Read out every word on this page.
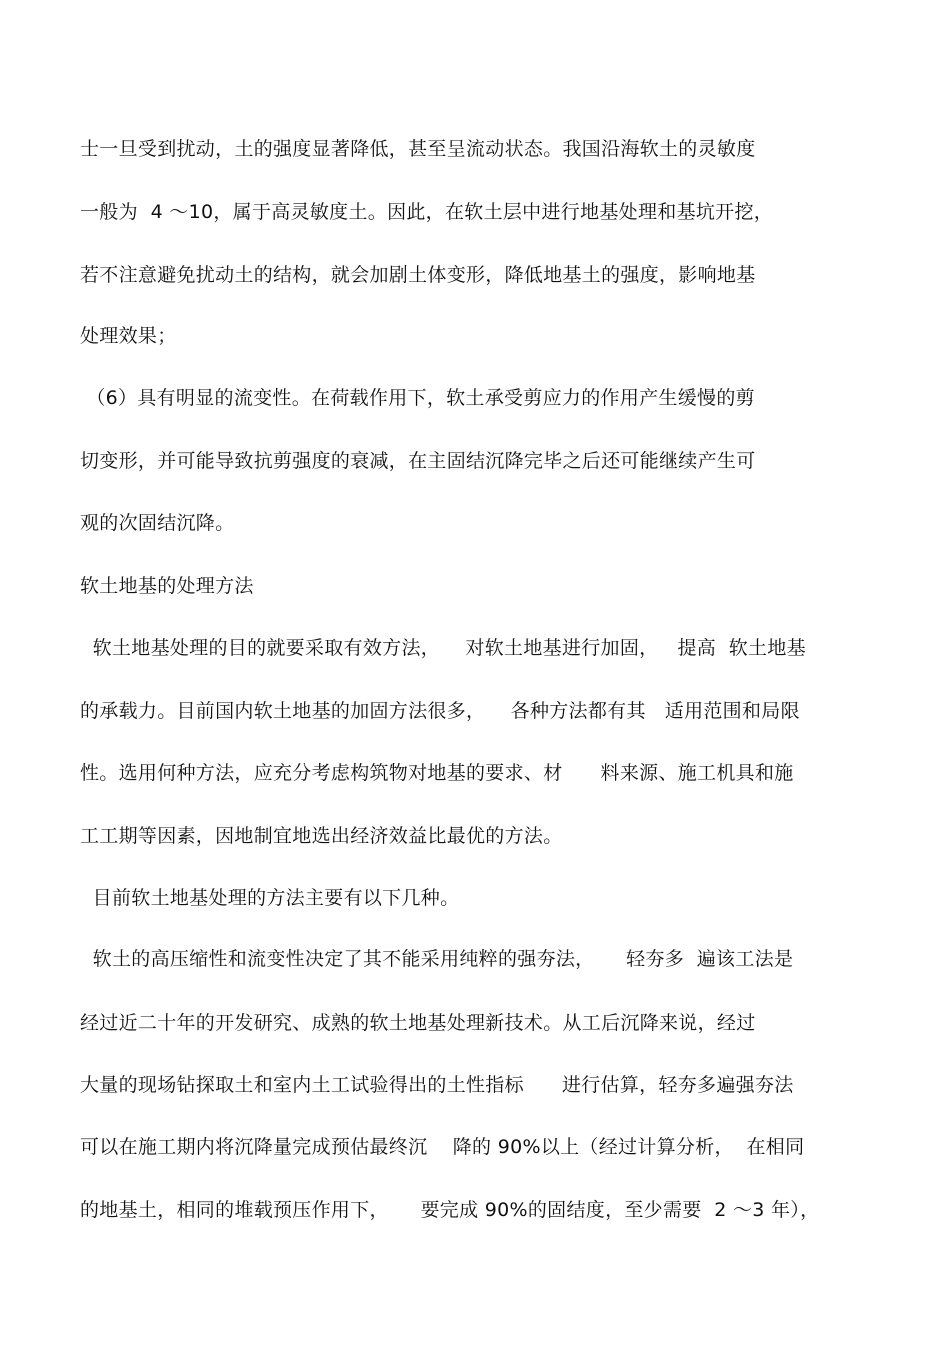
士一旦受到扰动，土的强度显著降低，甚至呈流动状态。我国沿海软土的灵敏度
一般为  4 ～10，属于高灵敏度土。因此，在软土层中进行地基处理和基坑开挖，
若不注意避免扰动土的结构，就会加剧土体变形，降低地基土的强度，影响地基
处理效果；
（6）具有明显的流变性。在荷载作用下，软土承受剪应力的作用产生缓慢的剪
切变形，并可能导致抗剪强度的衰减，在主固结沉降完毕之后还可能继续产生可
观的次固结沉降。
软土地基的处理方法
软土地基处理的目的就要采取有效方法，    对软土地基进行加固，   提高  软土地基
的承载力。目前国内软土地基的加固方法很多，    各种方法都有其   适用范围和局限
性。选用何种方法，应充分考虑构筑物对地基的要求、材      料来源、施工机具和施
工工期等因素，因地制宜地选出经济效益比最优的方法。
目前软土地基处理的方法主要有以下几种。
软土的高压缩性和流变性决定了其不能采用纯粹的强夯法，     轻夯多  遍该工法是
经过近二十年的开发研究、成熟的软土地基处理新技术。从工后沉降来说，经过
大量的现场钻探取土和室内土工试验得出的土性指标      进行估算，轻夯多遍强夯法
可以在施工期内将沉降量完成预估最终沉    降的 90%以上（经过计算分析，  在相同
的地基土，相同的堆载预压作用下，     要完成 90%的固结度，至少需要  2 ～3 年），
